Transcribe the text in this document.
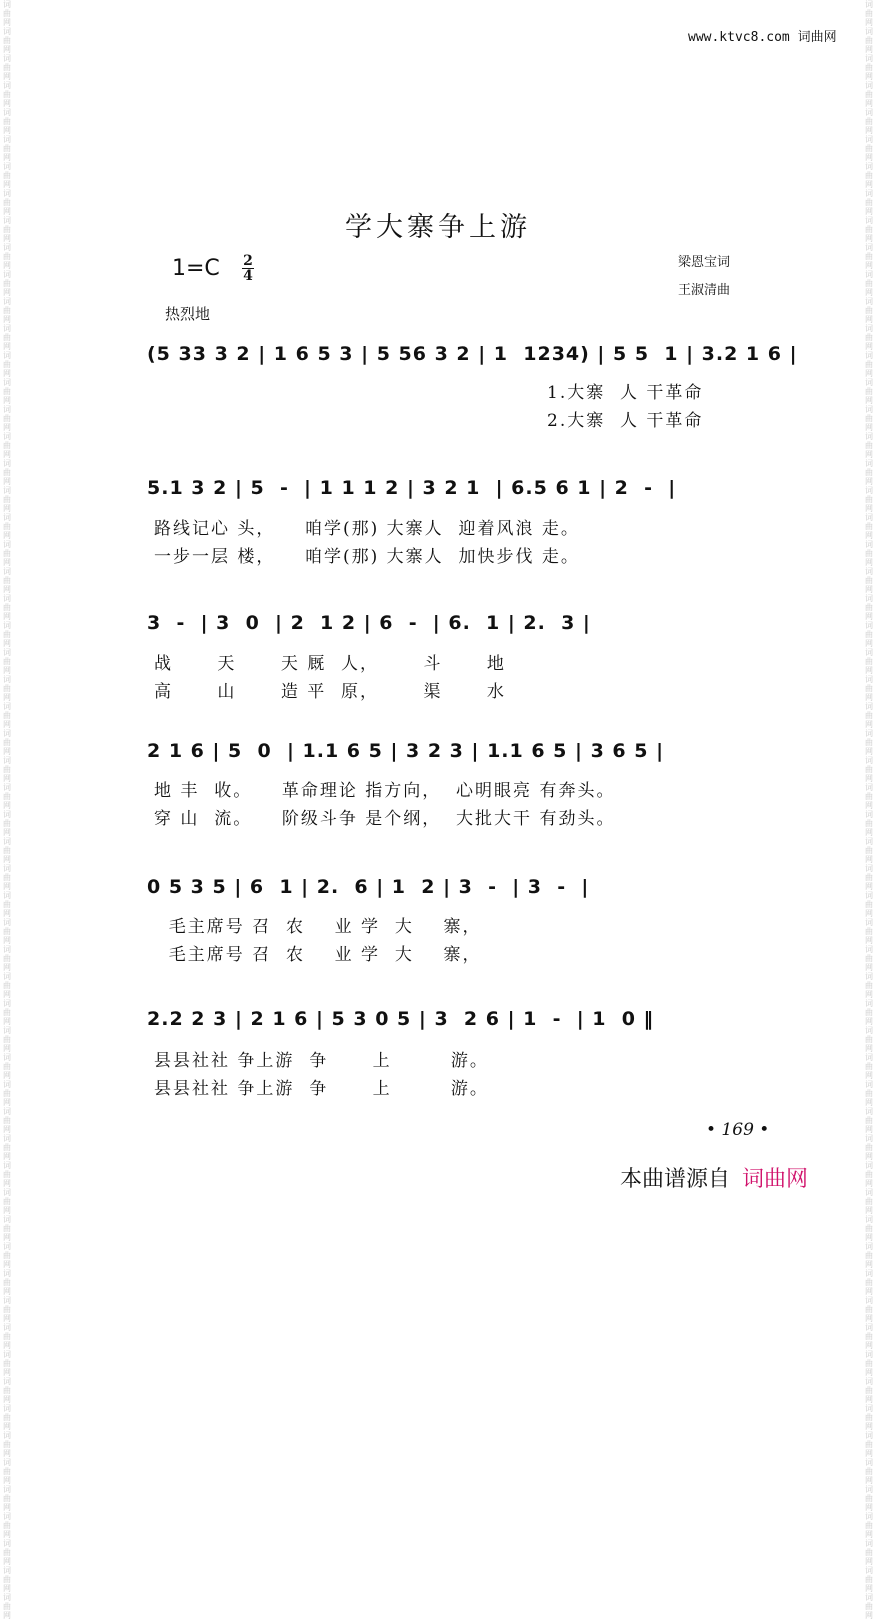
词曲网 词曲网 词曲网 词曲网 词曲网 词曲网 词曲网 词曲网 词曲网 词曲网 词曲网 词曲网 词曲网 词曲网 词曲网 词曲网 词曲网 词曲网 词曲网 词曲网 词曲网 词曲网 词曲网 词曲网 词曲网 词曲网 词曲网 词曲网 词曲网 词曲网 词曲网 词曲网 词曲网 词曲网 词曲网 词曲网 词曲网 词曲网 词曲网 词曲网 词曲网 词曲网 词曲网 词曲网 词曲网 词曲网 词曲网 词曲网 词曲网 词曲网 词曲网 词曲网 词曲网 词曲网 词曲网 词曲网 词曲网 词曲网 词曲网 词曲网
词曲网 词曲网 词曲网 词曲网 词曲网 词曲网 词曲网 词曲网 词曲网 词曲网 词曲网 词曲网 词曲网 词曲网 词曲网 词曲网 词曲网 词曲网 词曲网 词曲网 词曲网 词曲网 词曲网 词曲网 词曲网 词曲网 词曲网 词曲网 词曲网 词曲网 词曲网 词曲网 词曲网 词曲网 词曲网 词曲网 词曲网 词曲网 词曲网 词曲网 词曲网 词曲网 词曲网 词曲网 词曲网 词曲网 词曲网 词曲网 词曲网 词曲网 词曲网 词曲网 词曲网 词曲网 词曲网 词曲网 词曲网 词曲网 词曲网 词曲网
www.ktvc8.com 词曲网
学大寨争上游
1=C 2
4
梁恩宝词
王淑清曲
热烈地
(5 33 3 2 | 1 6 5 3 | 5 56 3 2 | 1  1234) | 5 5  1 | 3.2 1 6 |
1.大寨  人 干革命
2.大寨  人 干革命
5.1 3 2 | 5  -  | 1 1 1 2 | 3 2 1  | 6.5 6 1 | 2  -  |
路线记心 头，    咱学(那) 大寨人  迎着风浪 走。
一步一层 楼，    咱学(那) 大寨人  加快步伐 走。
3  -  | 3  0  | 2  1 2 | 6  -  | 6.  1 | 2.  3 |
战      天      天 厩  人，      斗      地
高      山      造 平  原，      渠      水
2 1 6 | 5  0  | 1.1 6 5 | 3 2 3 | 1.1 6 5 | 3 6 5 |
地 丰  收。    革命理论 指方向，  心明眼亮 有奔头。
穿 山  流。    阶级斗争 是个纲，  大批大干 有劲头。
0 5 3 5 | 6  1 | 2.  6 | 1  2 | 3  -  | 3  -  |
毛主席号 召  农    业 学  大    寨，
毛主席号 召  农    业 学  大    寨，
2.2 2 3 | 2 1 6 | 5 3 0 5 | 3  2 6 | 1  -  | 1  0 ‖
县县社社 争上游  争      上        游。
县县社社 争上游  争      上        游。
• 169 •
本曲谱源自 词曲网
